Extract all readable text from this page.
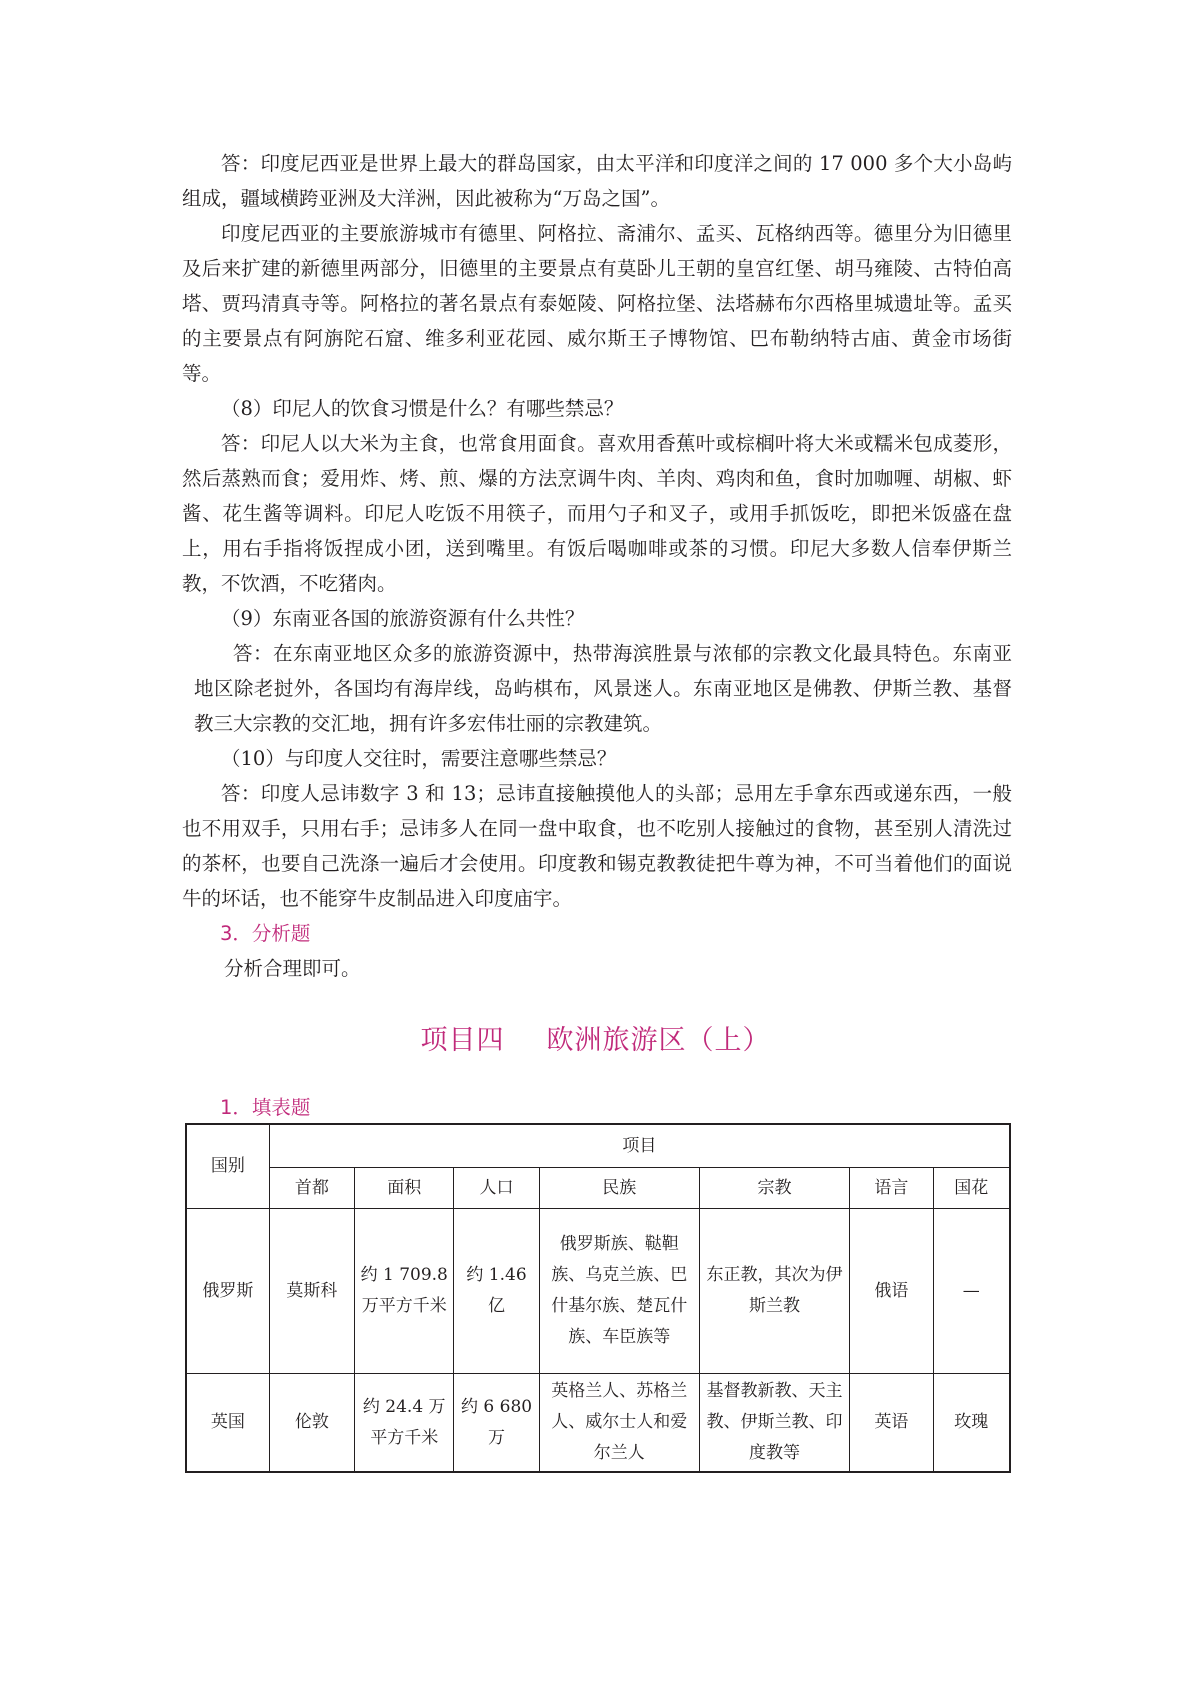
答：印度尼西亚是世界上最大的群岛国家，由太平洋和印度洋之间的 17 000 多个大小岛屿组成，疆域横跨亚洲及大洋洲，因此被称为“万岛之国”。

印度尼西亚的主要旅游城市有德里、阿格拉、斋浦尔、孟买、瓦格纳西等。德里分为旧德里及后来扩建的新德里两部分，旧德里的主要景点有莫卧儿王朝的皇宫红堡、胡马雍陵、古特伯高塔、贾玛清真寺等。阿格拉的著名景点有泰姬陵、阿格拉堡、法塔赫布尔西格里城遗址等。孟买的主要景点有阿旃陀石窟、维多利亚花园、威尔斯王子博物馆、巴布勒纳特古庙、黄金市场街等。

（8）印尼人的饮食习惯是什么？有哪些禁忌？

答：印尼人以大米为主食，也常食用面食。喜欢用香蕉叶或棕榈叶将大米或糯米包成菱形，然后蒸熟而食；爱用炸、烤、煎、爆的方法烹调牛肉、羊肉、鸡肉和鱼，食时加咖喱、胡椒、虾酱、花生酱等调料。印尼人吃饭不用筷子，而用勺子和叉子，或用手抓饭吃，即把米饭盛在盘上，用右手指将饭捏成小团，送到嘴里。有饭后喝咖啡或茶的习惯。印尼大多数人信奉伊斯兰教，不饮酒，不吃猪肉。

（9）东南亚各国的旅游资源有什么共性？

答：在东南亚地区众多的旅游资源中，热带海滨胜景与浓郁的宗教文化最具特色。东南亚地区除老挝外，各国均有海岸线，岛屿棋布，风景迷人。东南亚地区是佛教、伊斯兰教、基督教三大宗教的交汇地，拥有许多宏伟壮丽的宗教建筑。

（10）与印度人交往时，需要注意哪些禁忌？

答：印度人忌讳数字 3 和 13；忌讳直接触摸他人的头部；忌用左手拿东西或递东西，一般也不用双手，只用右手；忌讳多人在同一盘中取食，也不吃别人接触过的食物，甚至别人清洗过的茶杯，也要自己洗涤一遍后才会使用。印度教和锡克教教徒把牛尊为神，不可当着他们的面说牛的坏话，也不能穿牛皮制品进入印度庙宇。

3．分析题

分析合理即可。

项目四 欧洲旅游区（上）
1．填表题
国别	项目						
	首都	面积	人口	民族	宗教	语言	国花
俄罗斯	莫斯科	约 1 709.8 万平方千米	约 1.46 亿	俄罗斯族、鞑靼族、乌克兰族、巴什基尔族、楚瓦什族、车臣族等	东正教，其次为伊斯兰教	俄语	—
英国	伦敦	约 24.4 万平方千米	约 6 680 万	英格兰人、苏格兰人、威尔士人和爱尔兰人	基督教新教、天主教、伊斯兰教、印度教等	英语	玫瑰
